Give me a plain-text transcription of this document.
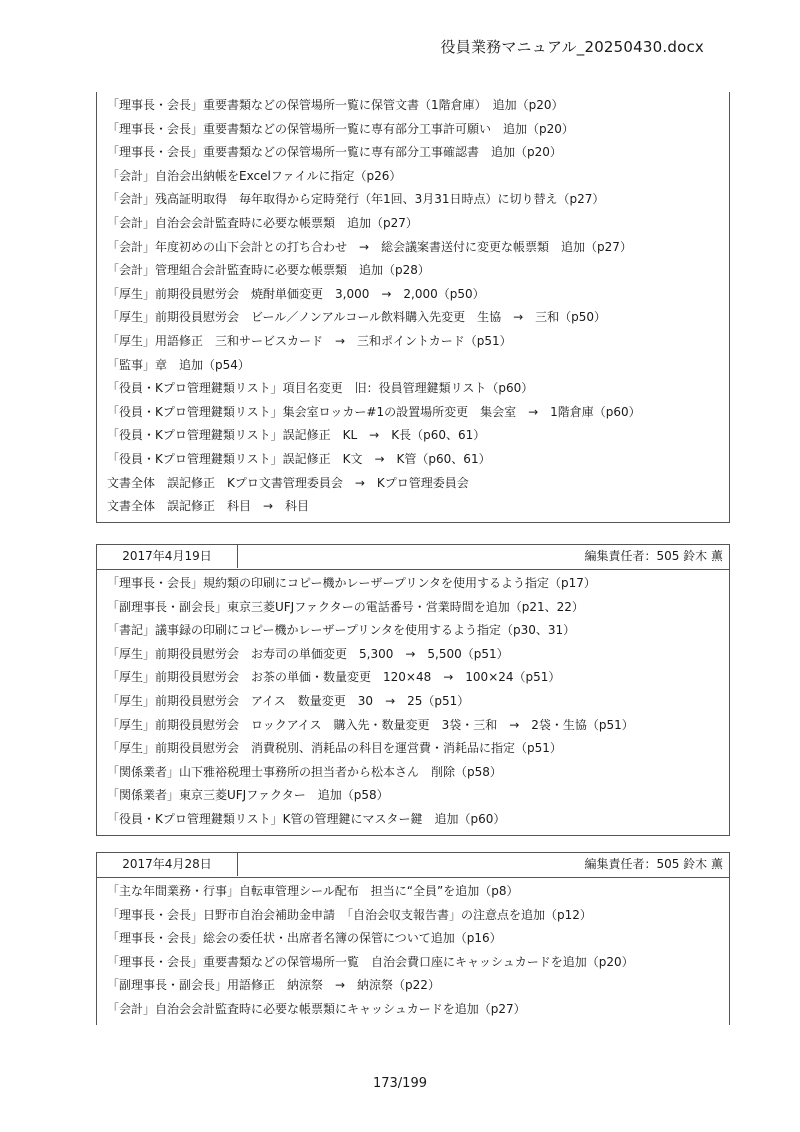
役員業務マニュアル_20250430.docx
「理事長・会長」重要書類などの保管場所一覧に保管文書（1階倉庫）　追加（p20）
「理事長・会長」重要書類などの保管場所一覧に専有部分工事許可願い　追加（p20）
「理事長・会長」重要書類などの保管場所一覧に専有部分工事確認書　追加（p20）
「会計」自治会出納帳をExcelファイルに指定（p26）
「会計」残高証明取得　毎年取得から定時発行（年1回、3月31日時点）に切り替え（p27）
「会計」自治会会計監査時に必要な帳票類　追加（p27）
「会計」年度初めの山下会計との打ち合わせ　→　総会議案書送付に変更な帳票類　追加（p27）
「会計」管理組合会計監査時に必要な帳票類　追加（p28）
「厚生」前期役員慰労会　焼酎単価変更　3,000　→　2,000（p50）
「厚生」前期役員慰労会　ビール／ノンアルコール飲料購入先変更　生協　→　三和（p50）
「厚生」用語修正　三和サービスカード　→　三和ポイントカード（p51）
「監事」章　追加（p54）
「役員・Kプロ管理鍵類リスト」項目名変更　旧：役員管理鍵類リスト（p60）
「役員・Kプロ管理鍵類リスト」集会室ロッカー#1の設置場所変更　集会室　→　1階倉庫（p60）
「役員・Kプロ管理鍵類リスト」誤記修正　KL　→　K長（p60、61）
「役員・Kプロ管理鍵類リスト」誤記修正　K文　→　K管（p60、61）
文書全体　誤記修正　Kプロ文書管理委員会　→　Kプロ管理委員会
文書全体　誤記修正　科目　→　科目
2017年4月19日	編集責任者：505 鈴木 薫
「理事長・会長」規約類の印刷にコピー機かレーザープリンタを使用するよう指定（p17）
「副理事長・副会長」東京三菱UFJファクターの電話番号・営業時間を追加（p21、22）
「書記」議事録の印刷にコピー機かレーザープリンタを使用するよう指定（p30、31）
「厚生」前期役員慰労会　お寿司の単価変更　5,300　→　5,500（p51）
「厚生」前期役員慰労会　お茶の単価・数量変更　120×48　→　100×24（p51）
「厚生」前期役員慰労会　アイス　数量変更　30　→　25（p51）
「厚生」前期役員慰労会　ロックアイス　購入先・数量変更　3袋・三和　→　2袋・生協（p51）
「厚生」前期役員慰労会　消費税別、消耗品の科目を運営費・消耗品に指定（p51）
「関係業者」山下雅裕税理士事務所の担当者から松本さん　削除（p58）
「関係業者」東京三菱UFJファクター　追加（p58）
「役員・Kプロ管理鍵類リスト」K管の管理鍵にマスター鍵　追加（p60）
2017年4月28日	編集責任者：505 鈴木 薫
「主な年間業務・行事」自転車管理シール配布　担当に“全員”を追加（p8）
「理事長・会長」日野市自治会補助金申請　「自治会収支報告書」の注意点を追加（p12）
「理事長・会長」総会の委任状・出席者名簿の保管について追加（p16）
「理事長・会長」重要書類などの保管場所一覧　自治会費口座にキャッシュカードを追加（p20）
「副理事長・副会長」用語修正　納涼祭　→　納涼祭（p22）
「会計」自治会会計監査時に必要な帳票類にキャッシュカードを追加（p27）
173/199
